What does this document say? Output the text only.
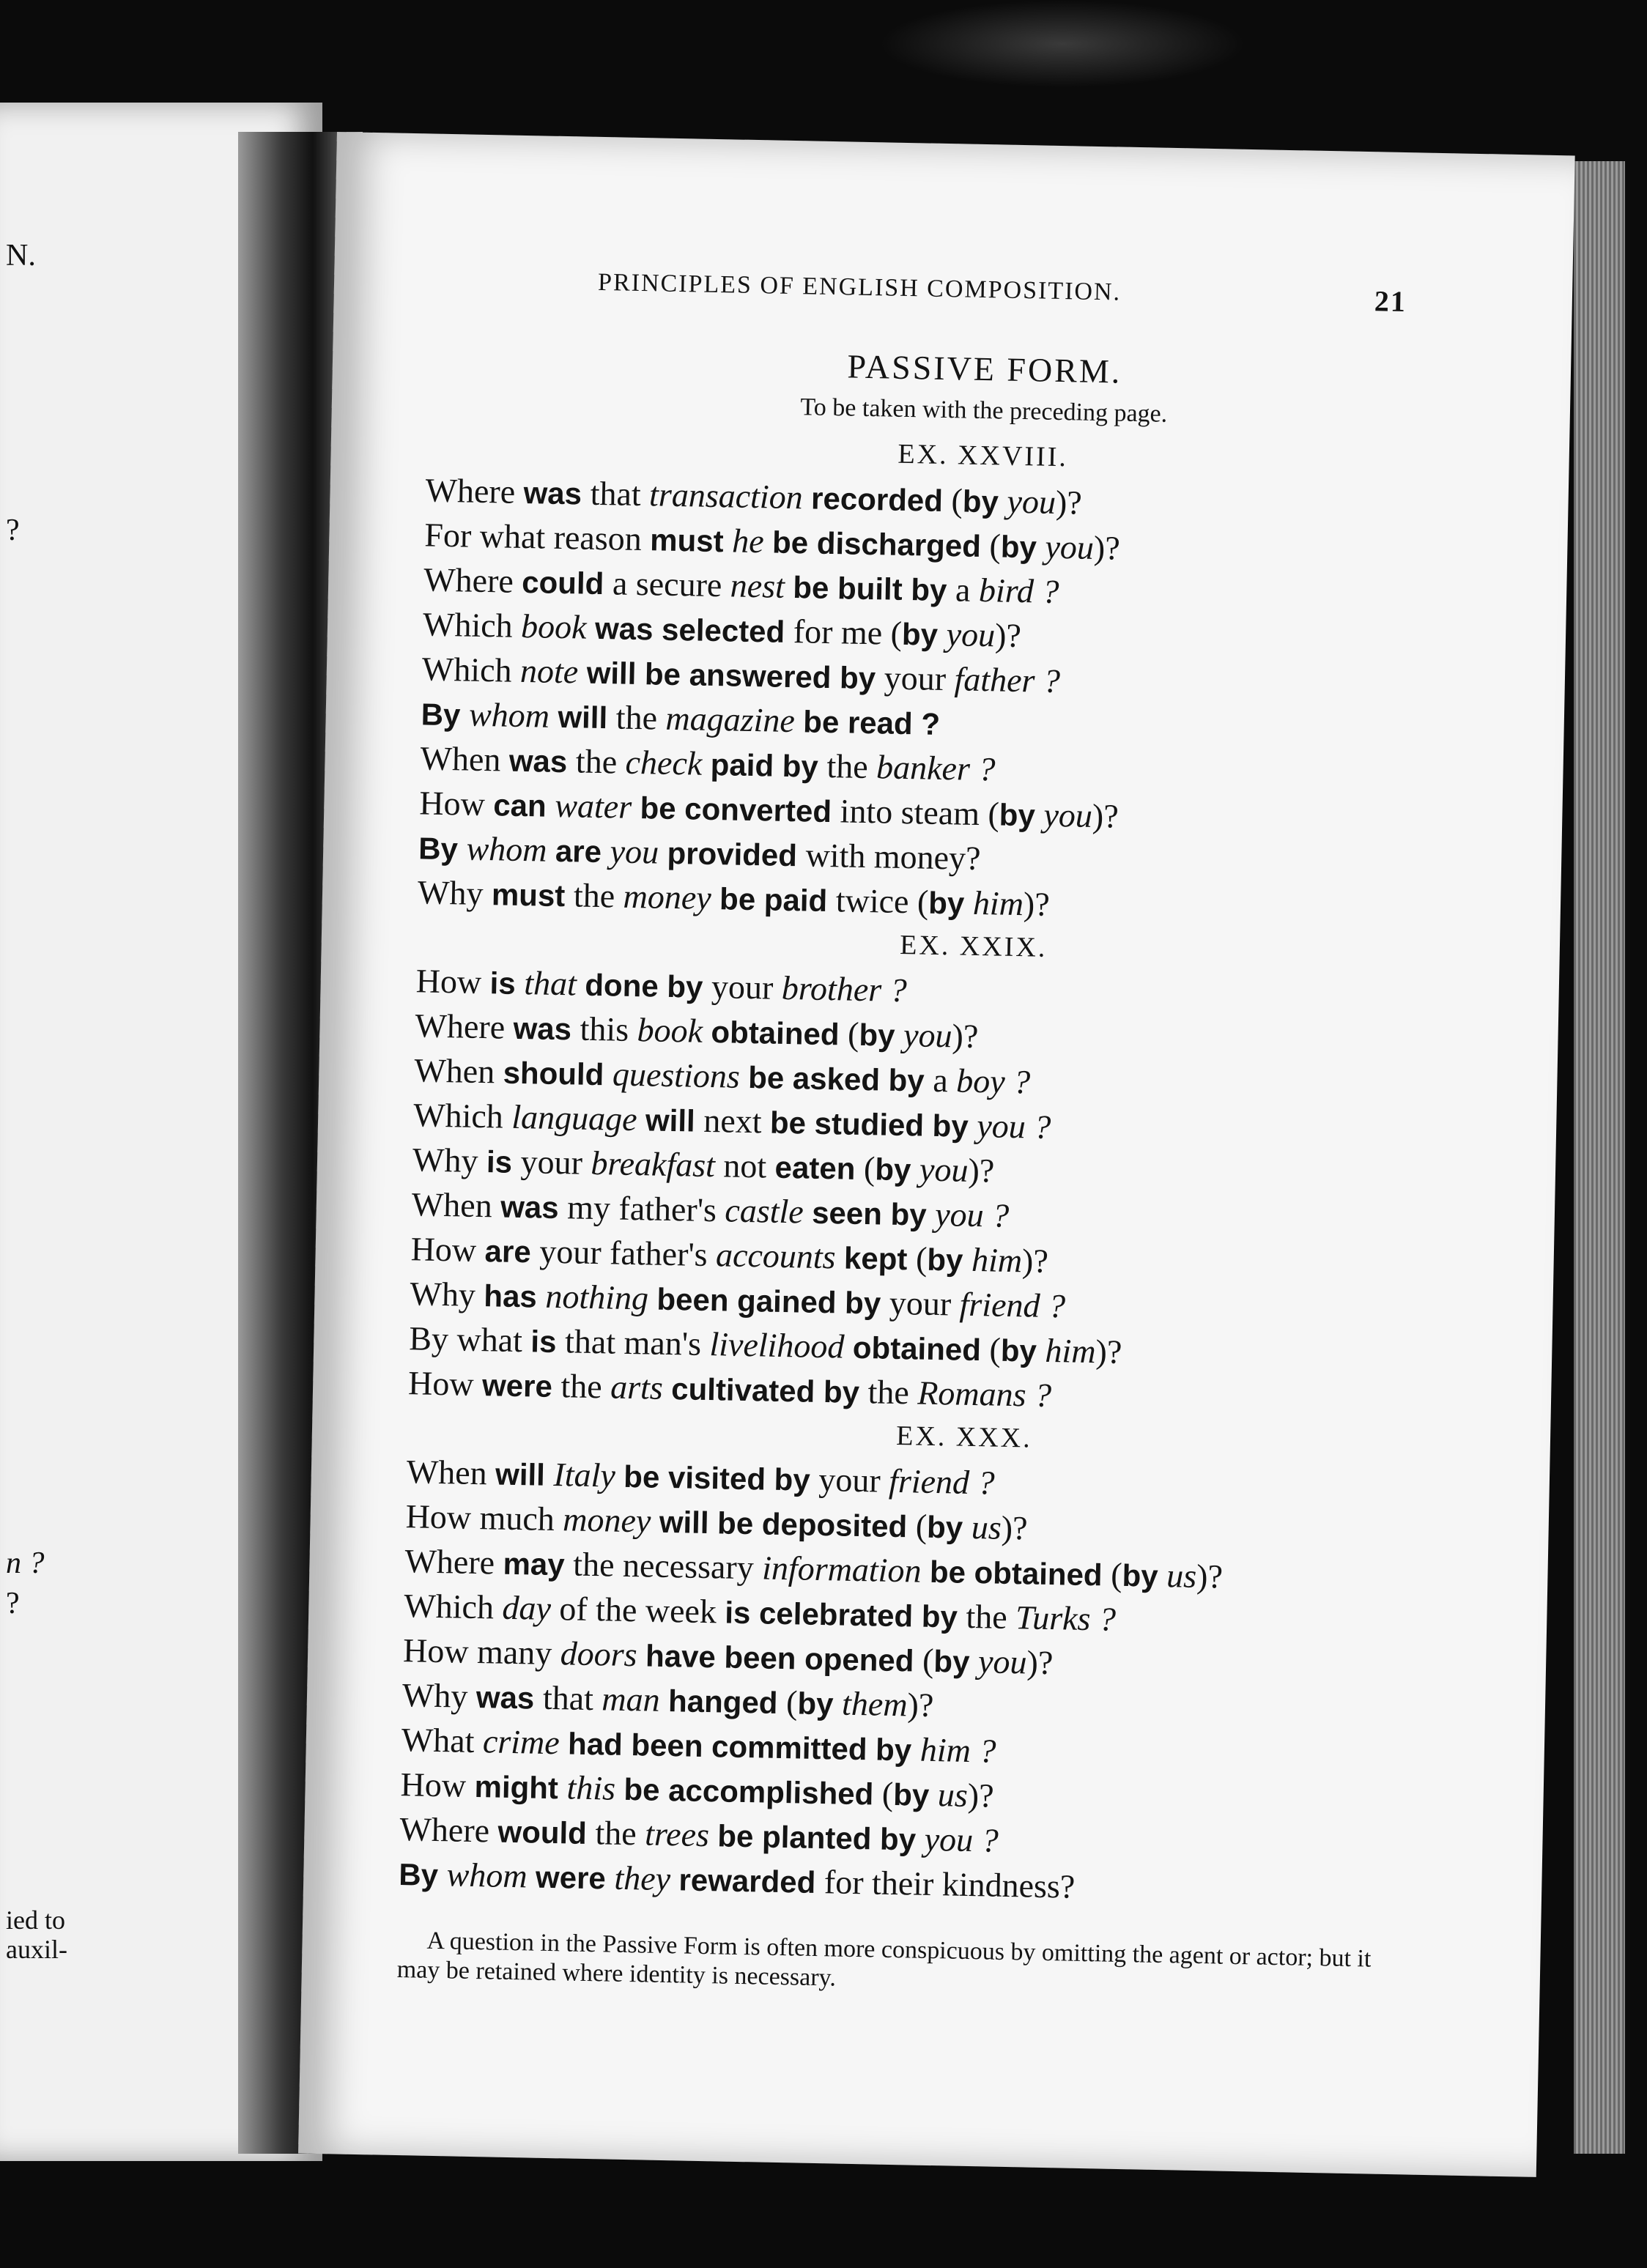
N.
?
n ?
?
ied to
auxil-
PRINCIPLES OF ENGLISH COMPOSITION.	21
PASSIVE FORM.
To be taken with the preceding page.
EX. XXVIII.
Where was that transaction recorded (by you)?
For what reason must he be discharged (by you)?
Where could a secure nest be built by a bird ?
Which book was selected for me (by you)?
Which note will be answered by your father ?
By whom will the magazine be read ?
When was the check paid by the banker ?
How can water be converted into steam (by you)?
By whom are you provided with money?
Why must the money be paid twice (by him)?
EX. XXIX.
How is that done by your brother ?
Where was this book obtained (by you)?
When should questions be asked by a boy ?
Which language will next be studied by you ?
Why is your breakfast not eaten (by you)?
When was my father's castle seen by you ?
How are your father's accounts kept (by him)?
Why has nothing been gained by your friend ?
By what is that man's livelihood obtained (by him)?
How were the arts cultivated by the Romans ?
EX. XXX.
When will Italy be visited by your friend ?
How much money will be deposited (by us)?
Where may the necessary information be obtained (by us)?
Which day of the week is celebrated by the Turks ?
How many doors have been opened (by you)?
Why was that man hanged (by them)?
What crime had been committed by him ?
How might this be accomplished (by us)?
Where would the trees be planted by you ?
By whom were they rewarded for their kindness?
A question in the Passive Form is often more conspicuous by omitting the agent or actor; but it may be retained where identity is necessary.
